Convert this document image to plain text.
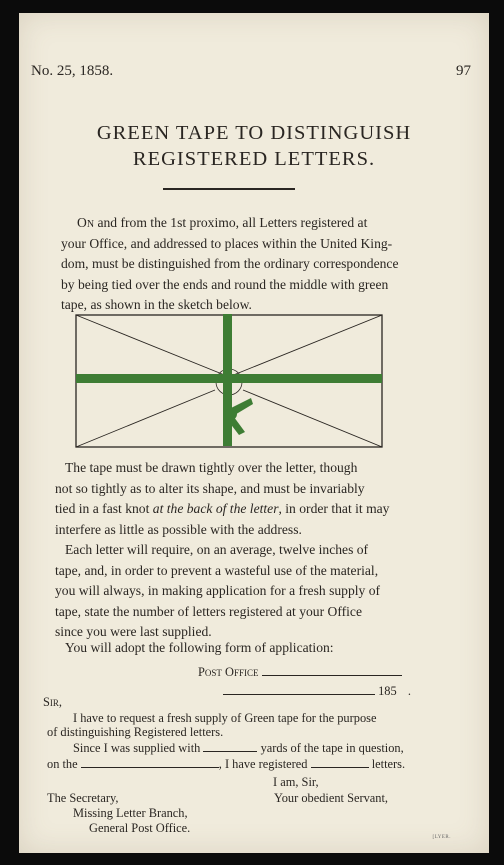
No. 25, 1858.	97
GREEN TAPE TO DISTINGUISH
REGISTERED LETTERS.
On and from the 1st proximo, all Letters registered at
your Office, and addressed to places within the United King-
dom, must be distinguished from the ordinary correspondence
by being tied over the ends and round the middle with green
tape, as shown in the sketch below.
The tape must be drawn tightly over the letter, though
not so tightly as to alter its shape, and must be invariably
tied in a fast knot at the back of the letter, in order that it may
interfere as little as possible with the address.
Each letter will require, on an average, twelve inches of
tape, and, in order to prevent a wasteful use of the material,
you will always, in making application for a fresh supply of
tape, state the number of letters registered at your Office
since you were last supplied.
You will adopt the following form of application:
Post Office
185 .
Sir,
I have to request a fresh supply of Green tape for the purpose
of distinguishing Registered letters.
Since I was supplied with	yards of the tape in question,
on the	, I have registered	letters.
I am, Sir,
Your obedient Servant,
The Secretary,
Missing Letter Branch,
General Post Office.
[LYER.
